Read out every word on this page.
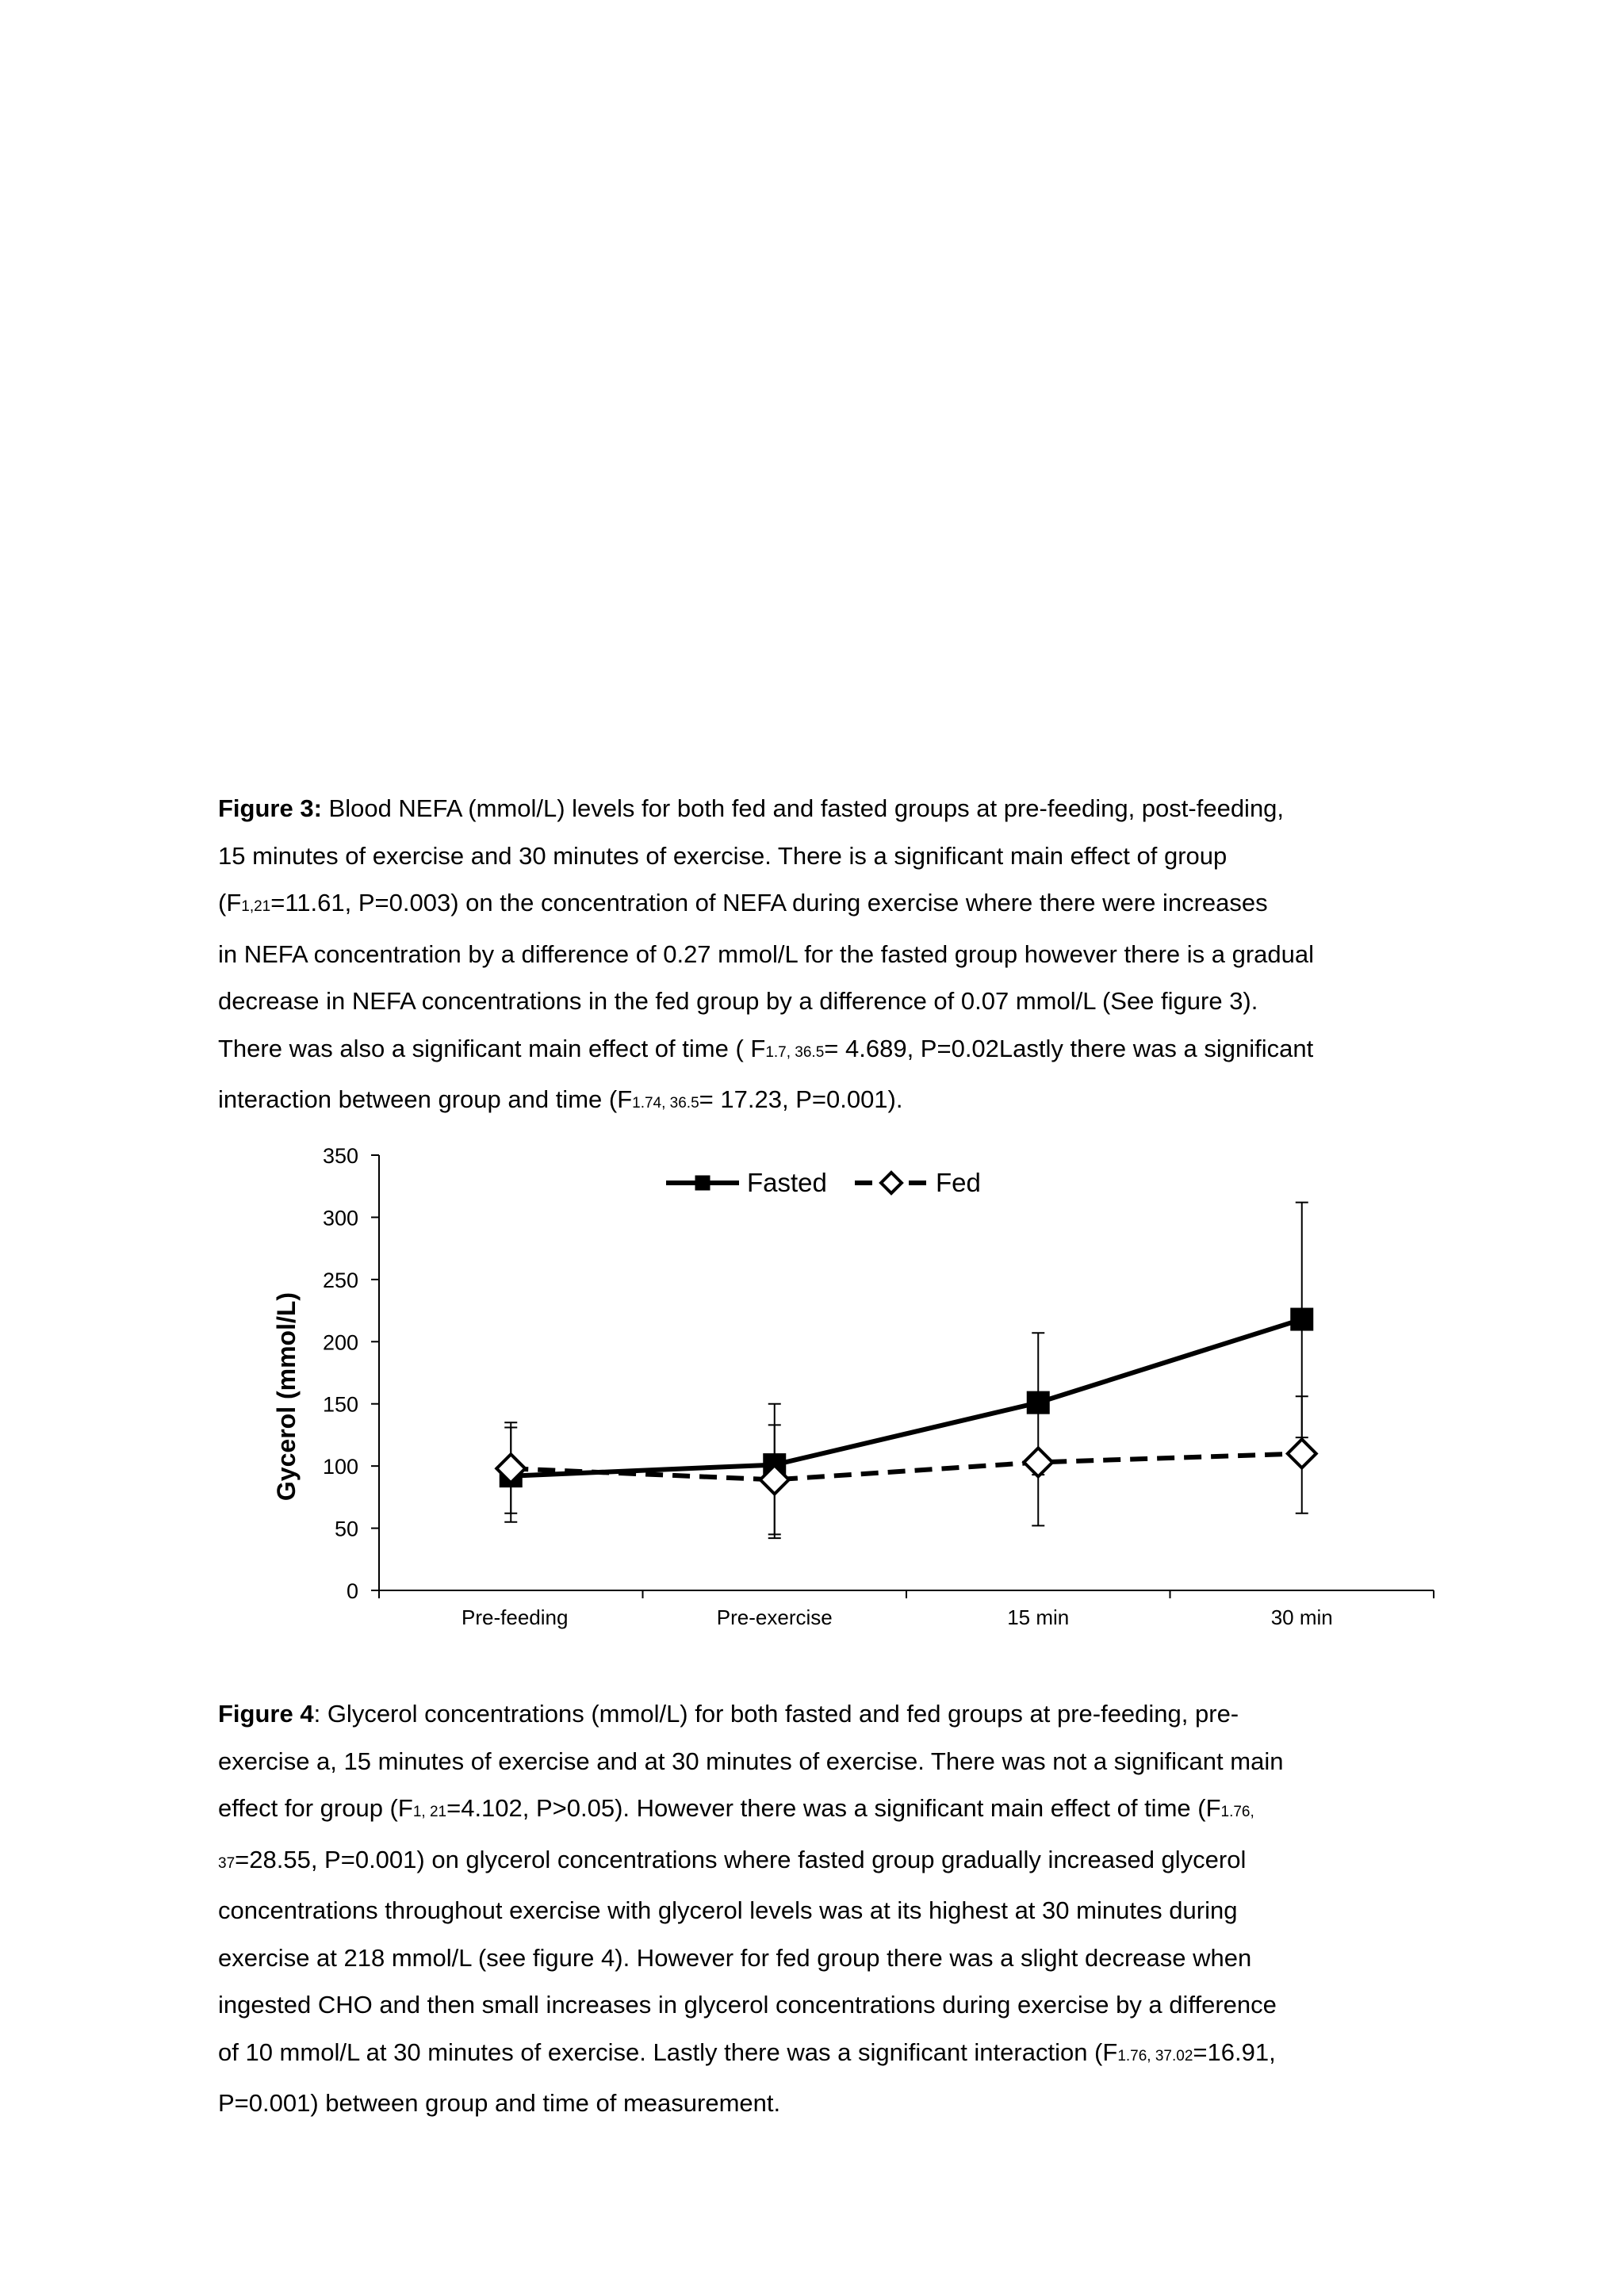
Figure 3: Blood NEFA (mmol/L) levels for both fed and fasted groups at pre-feeding, post-feeding,
15 minutes of exercise and 30 minutes of exercise. There is a significant main effect of group
(F1,21=11.61, P=0.003) on the concentration of NEFA during exercise where there were increases
in NEFA concentration by a difference of 0.27 mmol/L for the fasted group however there is a gradual
decrease in NEFA concentrations in the fed group by a difference of 0.07 mmol/L (See figure 3).
There was also a significant main effect of time ( F1.7, 36.5= 4.689, P=0.02Lastly there was a significant
interaction between group and time (F1.74, 36.5= 17.23, P=0.001).
0
50
100
150
200
250
300
350
Pre-feeding	Pre-exercise	15 min	30 min
Gycerol (mmol/L)
Fasted	Fed
Figure 4: Glycerol concentrations (mmol/L) for both fasted and fed groups at pre-feeding, pre-
exercise a, 15 minutes of exercise and at 30 minutes of exercise. There was not a significant main
effect for group (F1, 21=4.102, P>0.05). However there was a significant main effect of time (F1.76,
37=28.55, P=0.001) on glycerol concentrations where fasted group gradually increased glycerol
concentrations throughout exercise with glycerol levels was at its highest at 30 minutes during
exercise at 218 mmol/L (see figure 4). However for fed group there was a slight decrease when
ingested CHO and then small increases in glycerol concentrations during exercise by a difference
of 10 mmol/L at 30 minutes of exercise. Lastly there was a significant interaction (F1.76, 37.02=16.91,
P=0.001) between group and time of measurement.
